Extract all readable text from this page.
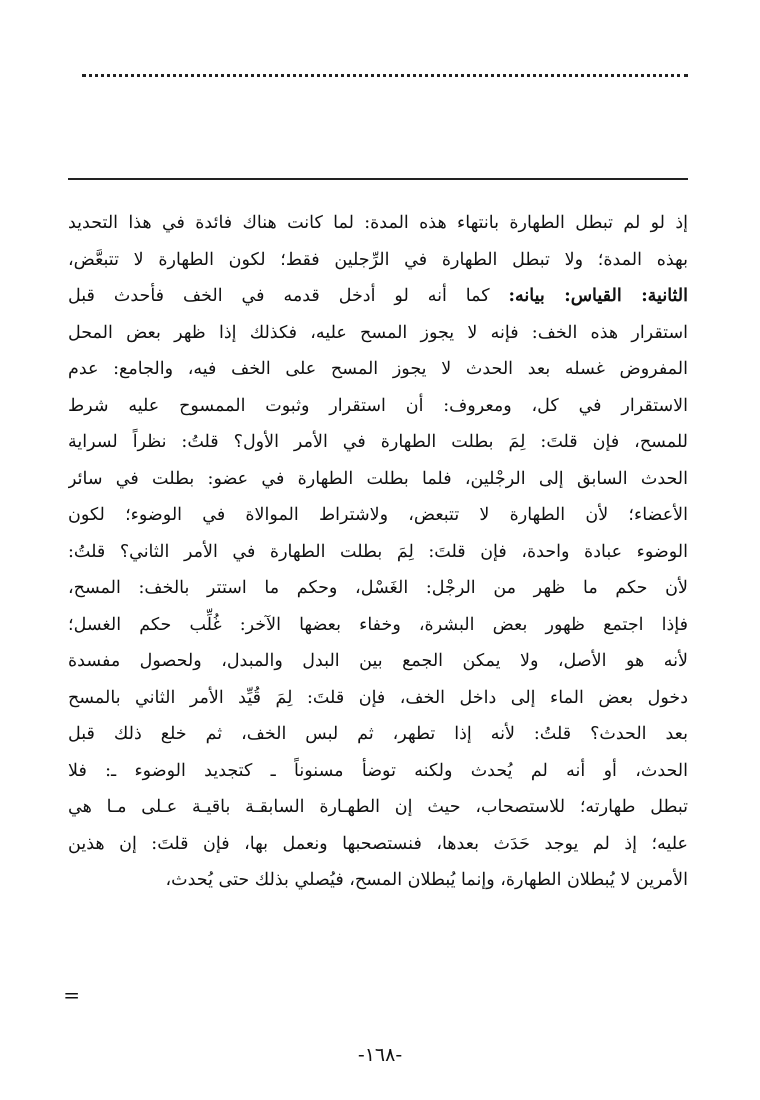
إذ لو لم تبطل الطهارة بانتهاء هذه المدة: لما كانت هناك فائدة في هذا التحديد
بهذه المدة؛ ولا تبطل الطهارة في الرِّجلين فقط؛ لكون الطهارة لا تتبعَّض،
الثانية: القياس: بيانه: كما أنه لو أدخل قدمه في الخف فأحدث قبل
استقرار هذه الخف: فإنه لا يجوز المسح عليه، فكذلك إذا ظهر بعض المحل
المفروض غسله بعد الحدث لا يجوز المسح على الخف فيه، والجامع: عدم
الاستقرار في كل، ومعروف: أن استقرار وثبوت الممسوح عليه شرط
للمسح، فإن قلتَ: لِمَ بطلت الطهارة في الأمر الأول؟ قلتُ: نظراً لسراية
الحدث السابق إلى الرجْلين، فلما بطلت الطهارة في عضو: بطلت في سائر
الأعضاء؛ لأن الطهارة لا تتبعض، ولاشتراط الموالاة في الوضوء؛ لكون
الوضوء عبادة واحدة، فإن قلتَ: لِمَ بطلت الطهارة في الأمر الثاني؟ قلتُ:
لأن حكم ما ظهر من الرجْل: الغَسْل، وحكم ما استتر بالخف: المسح،
فإذا اجتمع ظهور بعض البشرة، وخفاء بعضها الآخر: غُلِّب حكم الغسل؛
لأنه هو الأصل، ولا يمكن الجمع بين البدل والمبدل، ولحصول مفسدة
دخول بعض الماء إلى داخل الخف، فإن قلتَ: لِمَ قُيِّد الأمر الثاني بالمسح
بعد الحدث؟ قلتُ: لأنه إذا تطهر، ثم لبس الخف، ثم خلع ذلك قبل
الحدث، أو أنه لم يُحدث ولكنه توضأ مسنوناً ـ كتجديد الوضوء ـ: فلا
تبطل طهارته؛ للاستصحاب، حيث إن الطهـارة السابقـة باقيـة عـلى مـا هي
عليه؛ إذ لم يوجد حَدَث بعدها، فنستصحبها ونعمل بها، فإن قلتَ: إن هذين
الأمرين لا يُبطلان الطهارة، وإنما يُبطلان المسح، فيُصلي بذلك حتى يُحدث،
=
-١٦٨-
